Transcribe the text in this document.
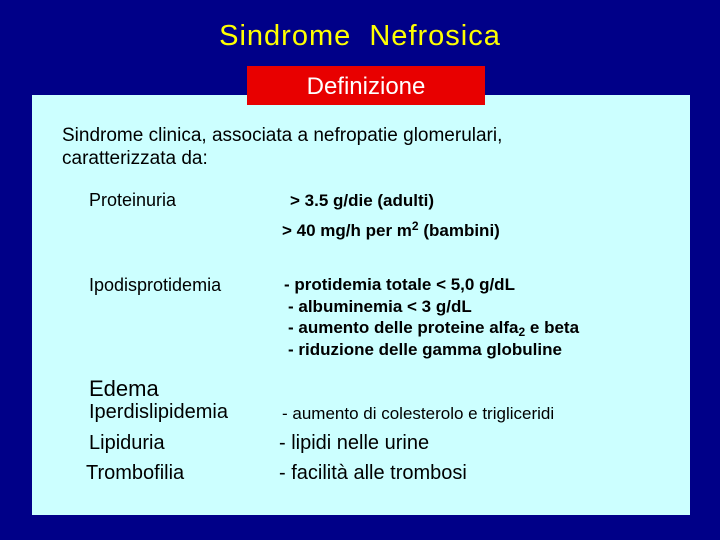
Sindrome  Nefrosica
Sindrome clinica, associata a nefropatie glomerulari,
caratterizzata da:
Proteinuria	> 3.5 g/die (adulti)
> 40 mg/h per $m^2$ (bambini)
Ipodisprotidemia	- protidemia totale < 5,0 g/dL
- albuminemia < 3 g/dL
- aumento delle proteine alfa$_2$ e beta
- riduzione delle gamma globuline
Edema
Iperdislipidemia	- aumento di colesterolo e trigliceridi
Lipiduria	- lipidi nelle urine
Trombofilia	- facilità alle trombosi
Definizione
